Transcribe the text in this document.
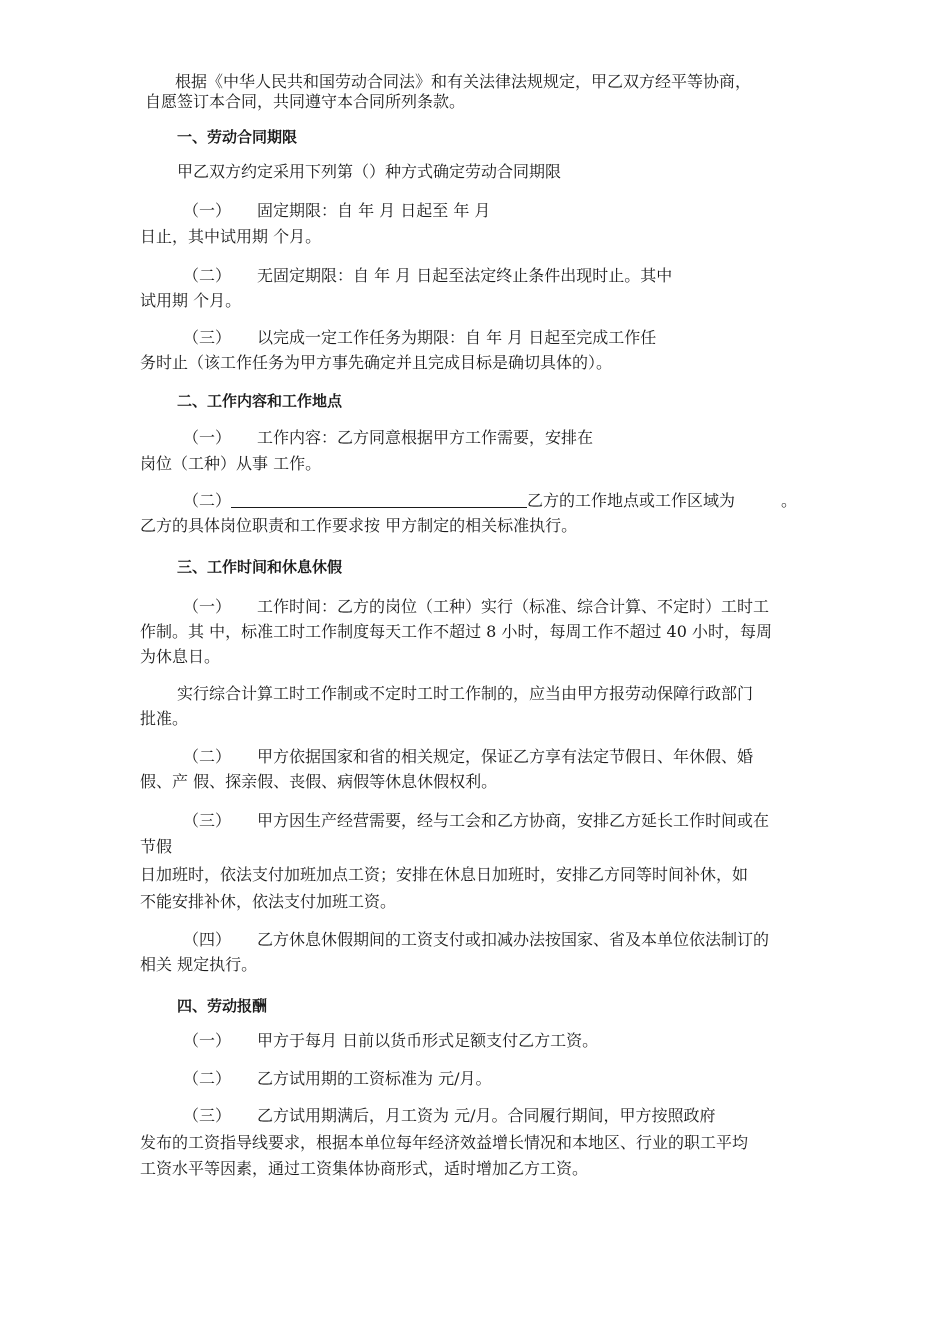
根据《中华人民共和国劳动合同法》和有关法律法规规定，甲乙双方经平等协商，
自愿签订本合同，共同遵守本合同所列条款。
一、劳动合同期限
甲乙双方约定采用下列第（）种方式确定劳动合同期限
（一） 固定期限：自 年 月 日起至 年 月
日止，其中试用期 个月。
（二） 无固定期限：自 年 月 日起至法定终止条件出现时止。其中
试用期 个月。
（三） 以完成一定工作任务为期限：自 年 月 日起至完成工作任
务时止（该工作任务为甲方事先确定并且完成目标是确切具体的）。
二、工作内容和工作地点
（一） 工作内容：乙方同意根据甲方工作需要，安排在
岗位（工种）从事 工作。
（二）	乙方的工作地点或工作区域为	。
乙方的具体岗位职责和工作要求按 甲方制定的相关标准执行。
三、工作时间和休息休假
（一） 工作时间：乙方的岗位（工种）实行（标准、综合计算、不定时）工时工
作制。其 中，标准工时工作制度每天工作不超过 8 小时，每周工作不超过 40 小时，每周
为休息日。
实行综合计算工时工作制或不定时工时工作制的，应当由甲方报劳动保障行政部门
批准。
（二） 甲方依据国家和省的相关规定，保证乙方享有法定节假日、年休假、婚
假、产 假、探亲假、丧假、病假等休息休假权利。
（三） 甲方因生产经营需要，经与工会和乙方协商，安排乙方延长工作时间或在
节假
日加班时，依法支付加班加点工资；安排在休息日加班时，安排乙方同等时间补休，如
不能安排补休，依法支付加班工资。
（四） 乙方休息休假期间的工资支付或扣减办法按国家、省及本单位依法制订的
相关 规定执行。
四、劳动报酬
（一） 甲方于每月 日前以货币形式足额支付乙方工资。
（二） 乙方试用期的工资标准为 元/月。
（三） 乙方试用期满后，月工资为 元/月。合同履行期间，甲方按照政府
发布的工资指导线要求，根据本单位每年经济效益增长情况和本地区、行业的职工平均
工资水平等因素，通过工资集体协商形式，适时增加乙方工资。
